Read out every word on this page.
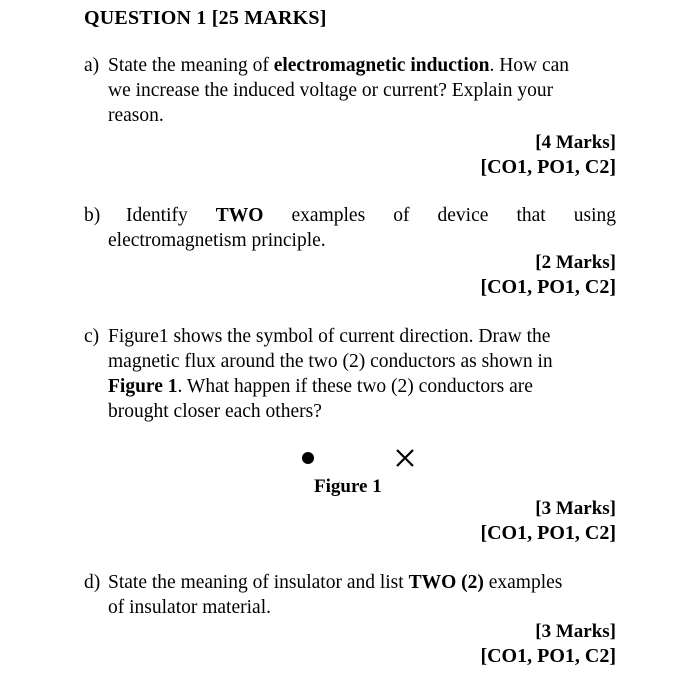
QUESTION 1 [25 MARKS]
a) State the meaning of electromagnetic induction. How can
we increase the induced voltage or current? Explain your
reason.
[4 Marks]
[CO1, PO1, C2]
b) Identify TWO examples of device that using
electromagnetism principle.
[2 Marks]
[CO1, PO1, C2]
c) Figure1 shows the symbol of current direction. Draw the
magnetic flux around the two (2) conductors as shown in
Figure 1. What happen if these two (2) conductors are
brought closer each others?
Figure 1
[3 Marks]
[CO1, PO1, C2]
d) State the meaning of insulator and list TWO (2) examples
of insulator material.
[3 Marks]
[CO1, PO1, C2]
